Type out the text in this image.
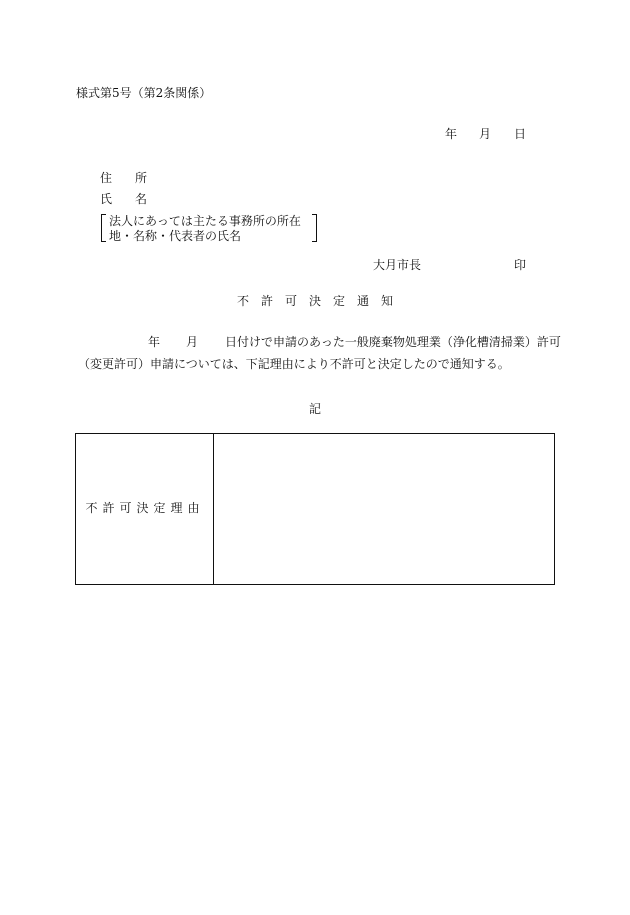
様式第5号（第2条関係）
年 月 日
住 所
氏 名
法人にあっては主たる事務所の所在
地・名称・代表者の氏名
大月市長	印
不　許　可　決　定　通　知
年 月 日付けで申請のあった一般廃棄物処理業（浄化槽清掃業）許可
（変更許可）申請については、下記理由により不許可と決定したので通知する。
記
不許可決定理由
